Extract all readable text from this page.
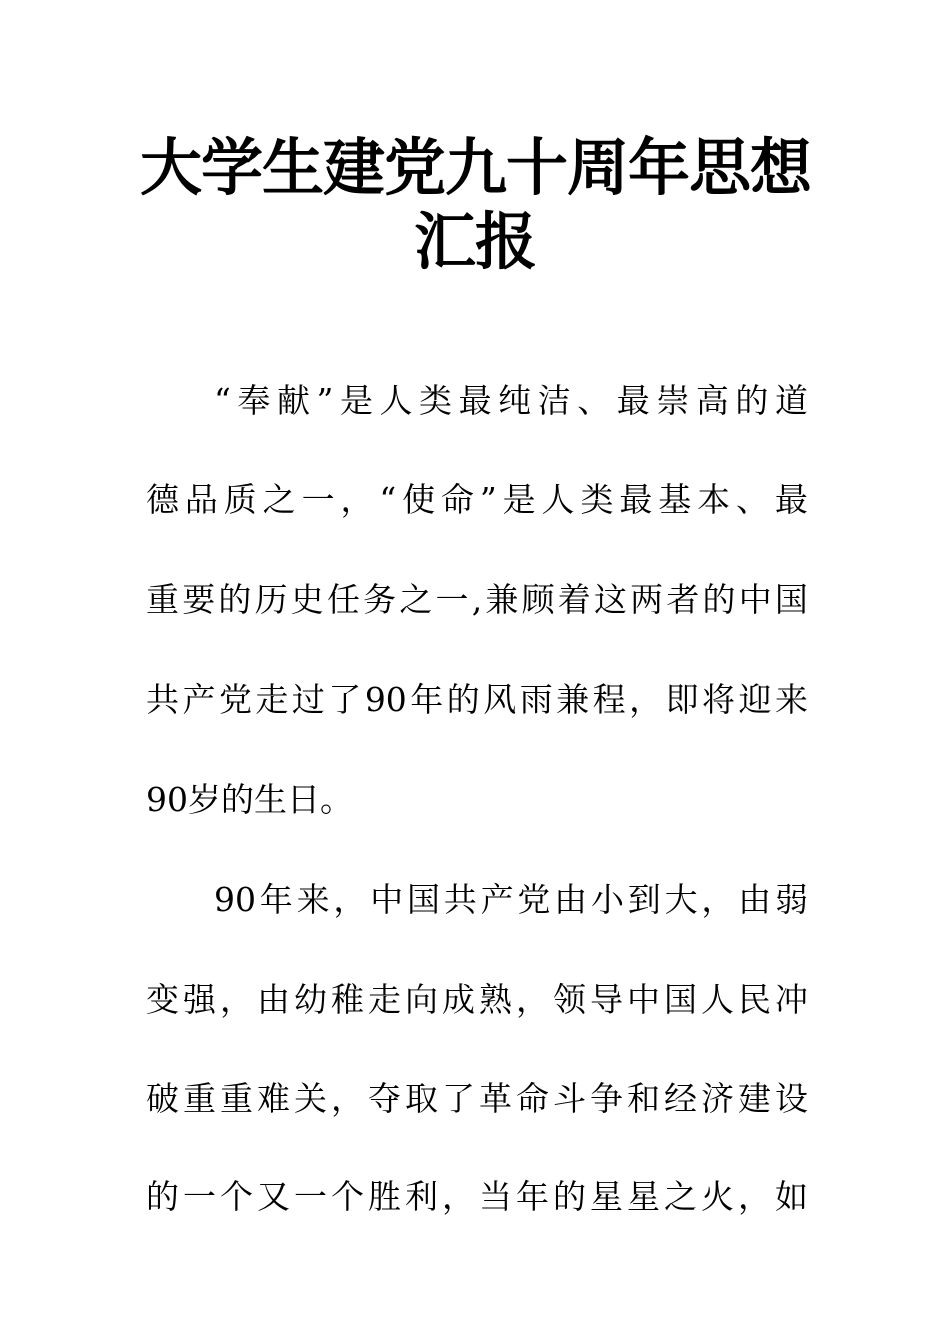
大学生建党九十周年思想
汇报
“ 奉 献 ” 是 人 类 最 纯 洁 、 最 崇 高 的 道
德 品 质 之 一 ， “ 使 命 ” 是 人 类 最 基 本 、 最
重 要 的 历 史 任 务 之 一 , 兼 顾 着 这 两 者 的 中 国
共 产 党 走 过 了 90 年 的 风 雨 兼 程 ， 即 将 迎 来
90岁的生日。
90 年 来 ， 中 国 共 产 党 由 小 到 大 ， 由 弱
变 强 ， 由 幼 稚 走 向 成 熟 ， 领 导 中 国 人 民 冲
破 重 重 难 关 ， 夺 取 了 革 命 斗 争 和 经 济 建 设
的 一 个 又 一 个 胜 利 ， 当 年 的 星 星 之 火 ， 如
